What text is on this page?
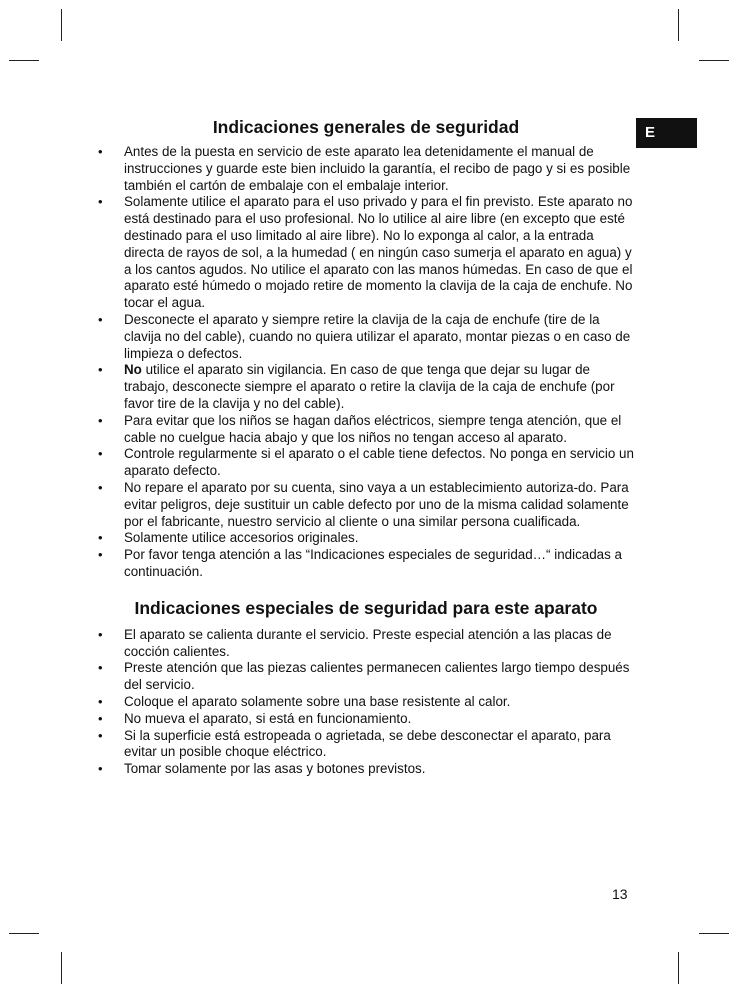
E
Indicaciones generales de seguridad
• Antes de la puesta en servicio de este aparato lea detenidamente el manual de instrucciones y guarde este bien incluido la garantía, el recibo de pago y si es posible también el cartón de embalaje con el embalaje interior.
• Solamente utilice el aparato para el uso privado y para el fin previsto. Este aparato no está destinado para el uso profesional. No lo utilice al aire libre (en excepto que esté destinado para el uso limitado al aire libre). No lo exponga al calor, a la entrada directa de rayos de sol, a la humedad ( en ningún caso sumerja el aparato en agua) y a los cantos agudos. No utilice el aparato con las manos húmedas. En caso de que el aparato esté húmedo o mojado retire de momento la clavija de la caja de enchufe. No tocar el agua.
• Desconecte el aparato y siempre retire la clavija de la caja de enchufe (tire de la clavija no del cable), cuando no quiera utilizar el aparato, montar piezas o en caso de limpieza o defectos.
• No utilice el aparato sin vigilancia. En caso de que tenga que dejar su lugar de trabajo, desconecte siempre el aparato o retire la clavija de la caja de enchufe (por favor tire de la clavija y no del cable).
• Para evitar que los niños se hagan daños eléctricos, siempre tenga atención, que el cable no cuelgue hacia abajo y que los niños no tengan acceso al aparato.
• Controle regularmente si el aparato o el cable tiene defectos. No ponga en servicio un aparato defecto.
• No repare el aparato por su cuenta, sino vaya a un establecimiento autoriza-do. Para evitar peligros, deje sustituir un cable defecto por uno de la misma calidad solamente por el fabricante, nuestro servicio al cliente o una similar persona cualificada.
• Solamente utilice accesorios originales.
• Por favor tenga atención a las “Indicaciones especiales de seguridad…“ indicadas a continuación.
Indicaciones especiales de seguridad para este aparato
• El aparato se calienta durante el servicio. Preste especial atención a las placas de cocción calientes.
• Preste atención que las piezas calientes permanecen calientes largo tiempo después del servicio.
• Coloque el aparato solamente sobre una base resistente al calor.
• No mueva el aparato, si está en funcionamiento.
• Si la superficie está estropeada o agrietada, se debe desconectar el aparato, para evitar un posible choque eléctrico.
• Tomar solamente por las asas y botones previstos.
13
